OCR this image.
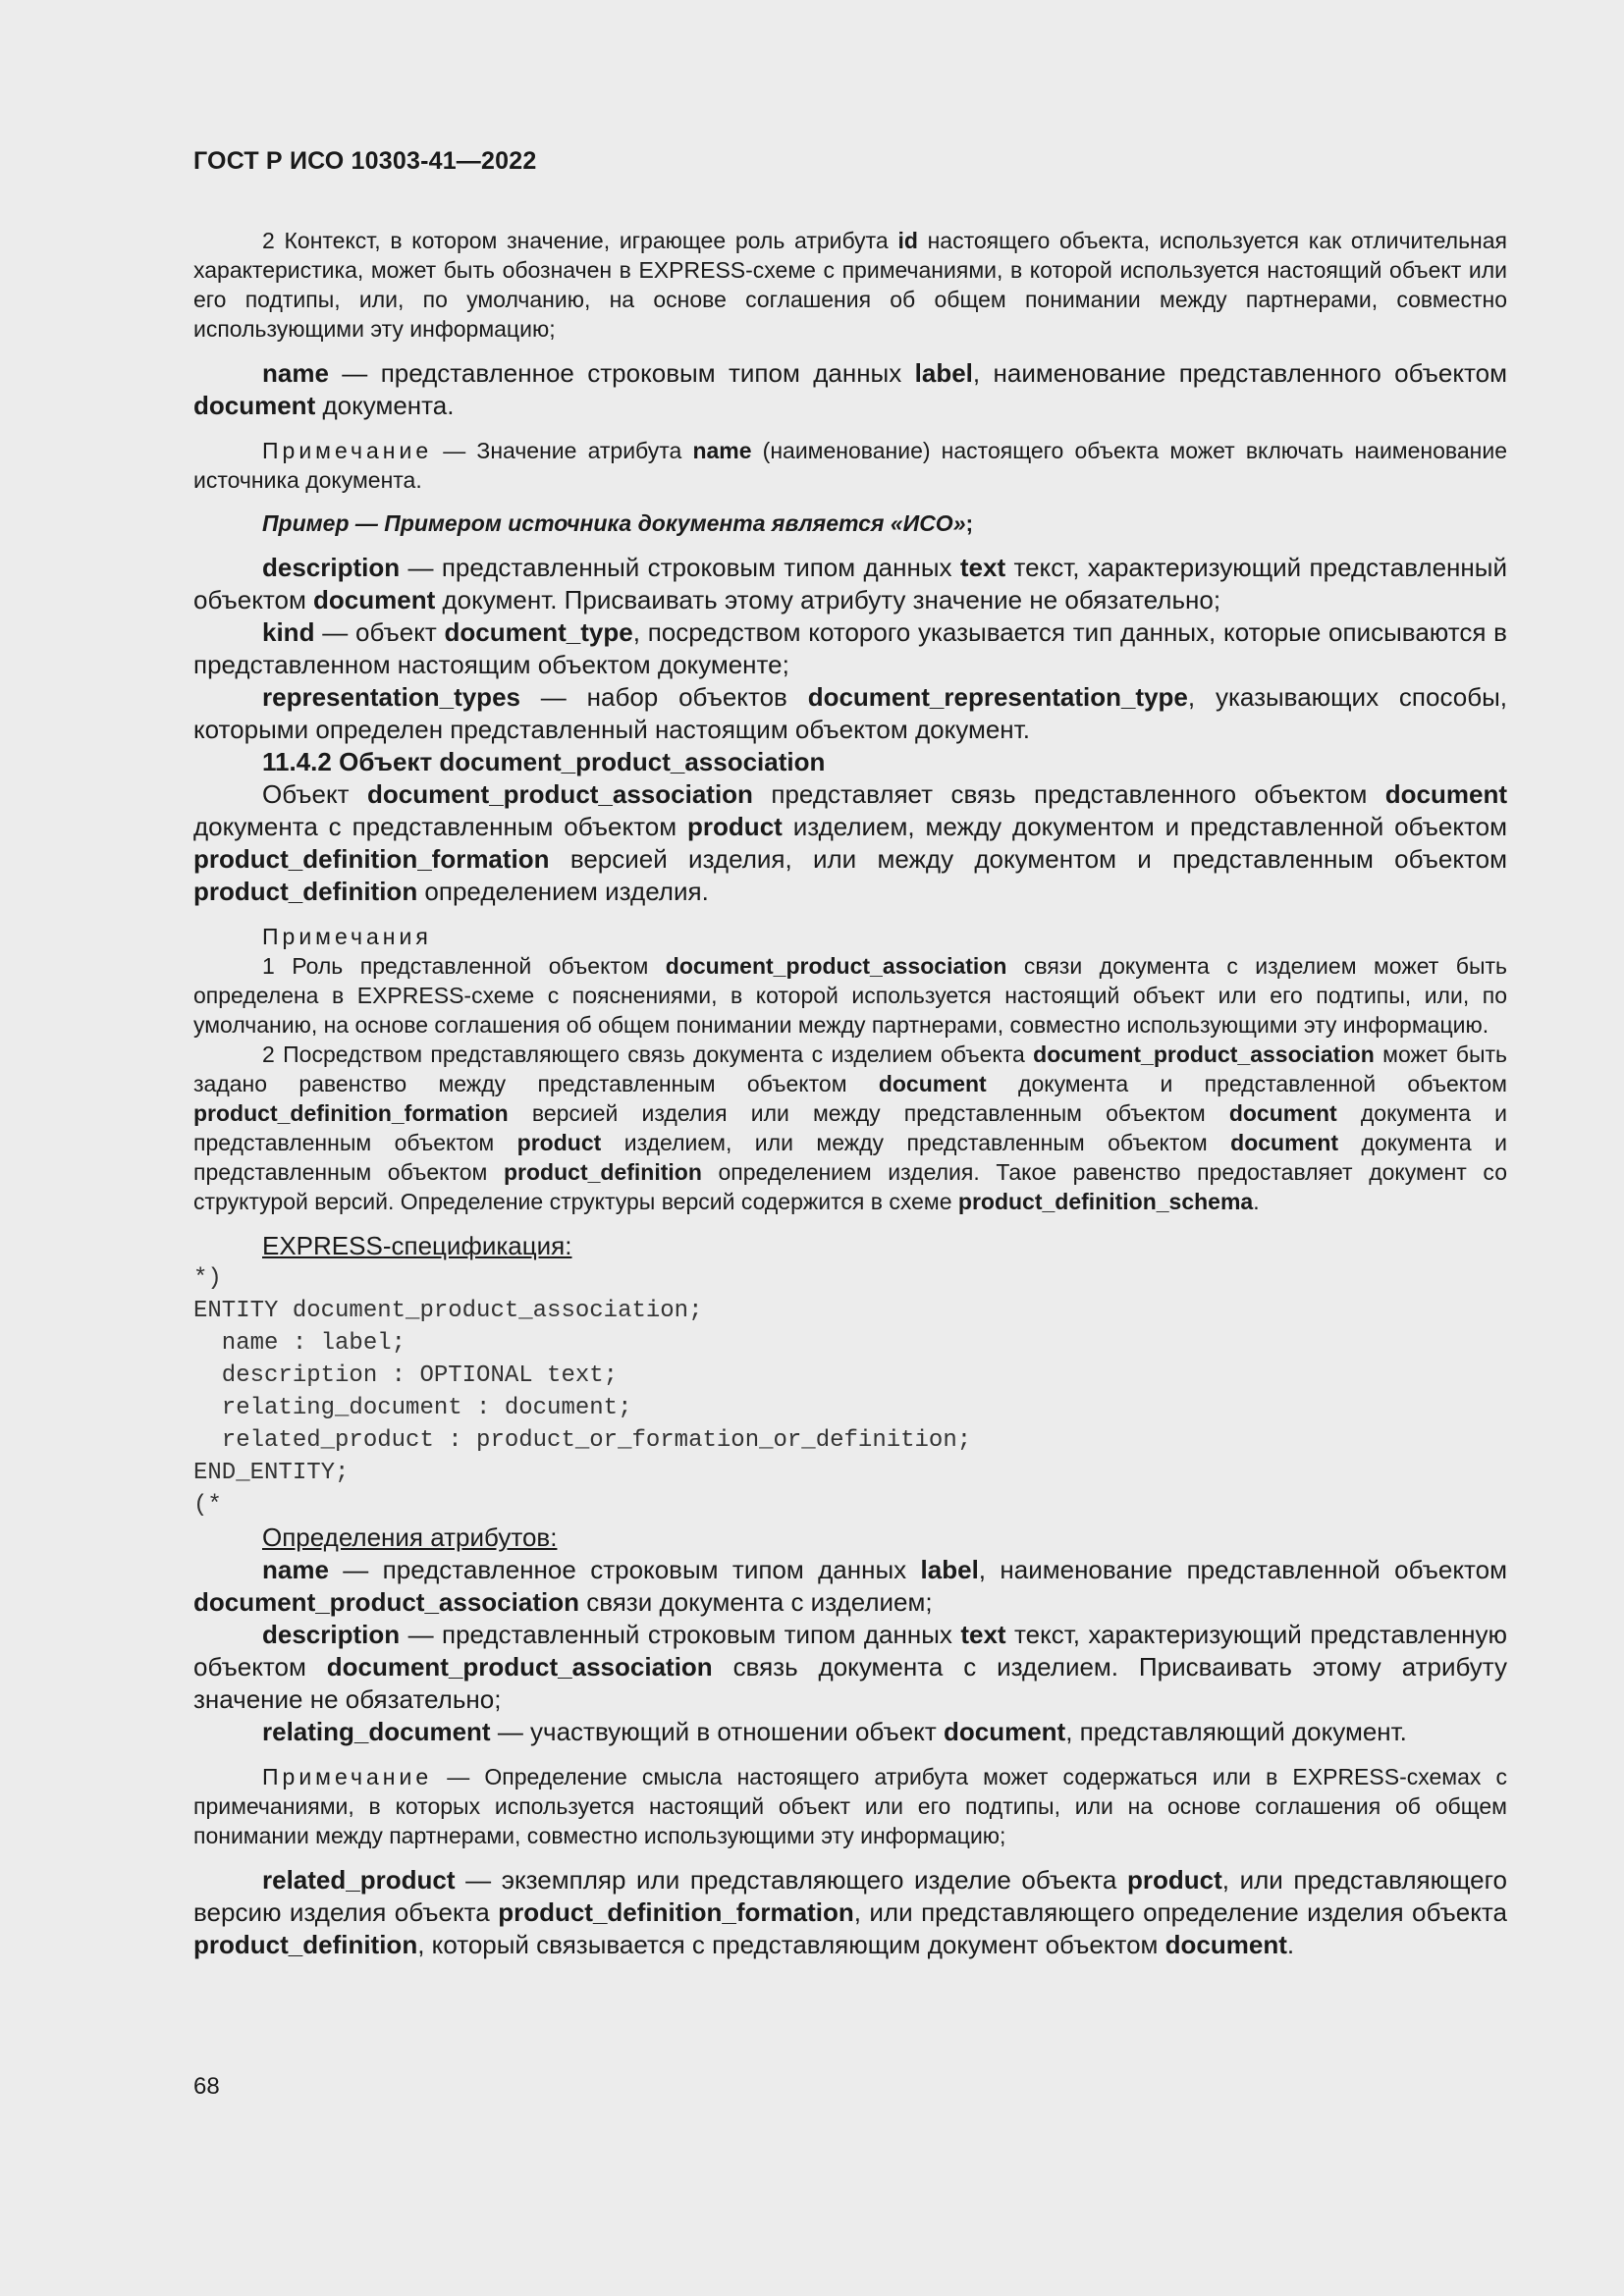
ГОСТ Р ИСО 10303-41—2022

2 Контекст, в котором значение, играющее роль атрибута id настоящего объекта, используется как отличительная характеристика, может быть обозначен в EXPRESS-схеме с примечаниями, в которой используется настоящий объект или его подтипы, или, по умолчанию, на основе соглашения об общем понимании между партнерами, совместно использующими эту информацию;

name — представленное строковым типом данных label, наименование представленного объектом document документа.

Примечание — Значение атрибута name (наименование) настоящего объекта может включать наименование источника документа.

Пример — Примером источника документа является «ИСО»;

description — представленный строковым типом данных text текст, характеризующий представленный объектом document документ. Присваивать этому атрибуту значение не обязательно;

kind — объект document_type, посредством которого указывается тип данных, которые описываются в представленном настоящим объектом документе;

representation_types — набор объектов document_representation_type, указывающих способы, которыми определен представленный настоящим объектом документ.

11.4.2 Объект document_product_association

Объект document_product_association представляет связь представленного объектом document документа с представленным объектом product изделием, между документом и представленной объектом product_definition_formation версией изделия, или между документом и представленным объектом product_definition определением изделия.

Примечания

1 Роль представленной объектом document_product_association связи документа с изделием может быть определена в EXPRESS-схеме с пояснениями, в которой используется настоящий объект или его подтипы, или, по умолчанию, на основе соглашения об общем понимании между партнерами, совместно использующими эту информацию.

2 Посредством представляющего связь документа с изделием объекта document_product_association может быть задано равенство между представленным объектом document документа и представленной объектом product_definition_formation версией изделия или между представленным объектом document документа и представленным объектом product изделием, или между представленным объектом document документа и представленным объектом product_definition определением изделия. Такое равенство предоставляет документ со структурой версий. Определение структуры версий содержится в схеме product_definition_schema.

EXPRESS-спецификация:

*)
ENTITY document_product_association;
name : label;
description : OPTIONAL text;
relating_document : document;
related_product : product_or_formation_or_definition;
END_ENTITY;
(*

Определения атрибутов:

name — представленное строковым типом данных label, наименование представленной объектом document_product_association связи документа с изделием;

description — представленный строковым типом данных text текст, характеризующий представленную объектом document_product_association связь документа с изделием. Присваивать этому атрибуту значение не обязательно;

relating_document — участвующий в отношении объект document, представляющий документ.

Примечание — Определение смысла настоящего атрибута может содержаться или в EXPRESS-схемах с примечаниями, в которых используется настоящий объект или его подтипы, или на основе соглашения об общем понимании между партнерами, совместно использующими эту информацию;

related_product — экземпляр или представляющего изделие объекта product, или представляющего версию изделия объекта product_definition_formation, или представляющего определение изделия объекта product_definition, который связывается с представляющим документ объектом document.

68
